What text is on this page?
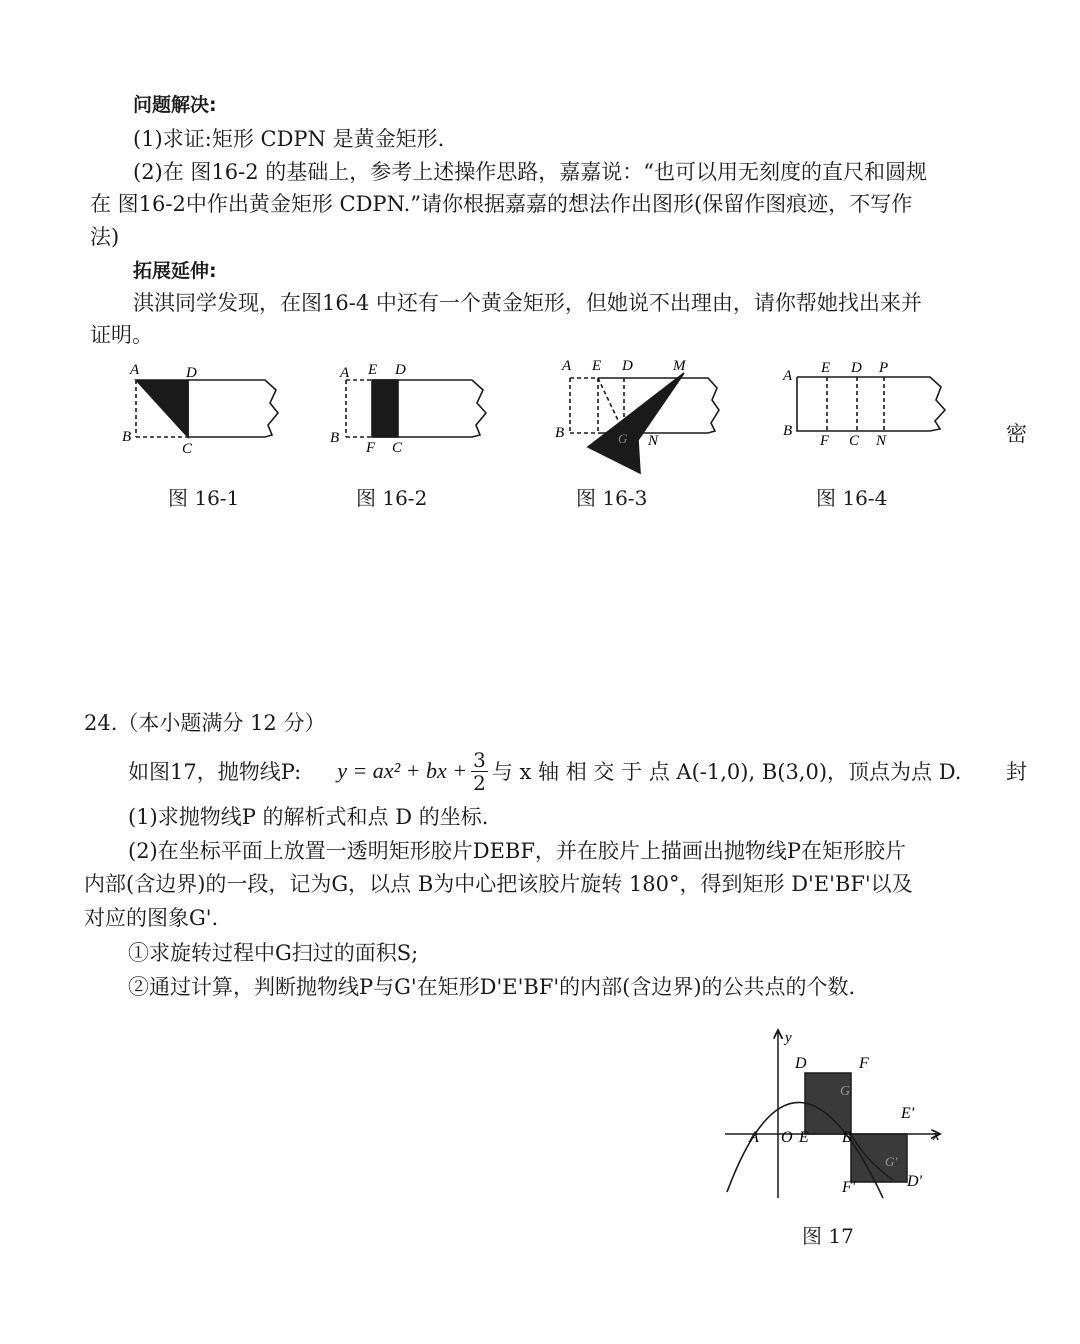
问题解决:
(1)求证:矩形 CDPN 是黄金矩形.
(2)在 图16-2 的基础上，参考上述操作思路，嘉嘉说：“也可以用无刻度的直尺和圆规
在 图16-2中作出黄金矩形 CDPN.”请你根据嘉嘉的想法作出图形(保留作图痕迹，不写作
法)
拓展延伸:
淇淇同学发现，在图16-4 中还有一个黄金矩形，但她说不出理由，请你帮她找出来并
证明。
A	D
B
C
A E D
B
F C
A E D	M
B	G N
A E D P
B
F C N
图 16-1	图 16-2	图 16-3	图 16-4
密
封
24.（本小题满分 12 分）
如图17，抛物线P: y = ax² + bx + $\frac{3}{2}$ 与 x 轴 相 交 于 点 A(-1,0), B(3,0)，顶点为点 D.
(1)求抛物线P 的解析式和点 D 的坐标.
(2)在坐标平面上放置一透明矩形胶片DEBF，并在胶片上描画出抛物线P在矩形胶片
内部(含边界)的一段，记为G，以点 B为中心把该胶片旋转 180°，得到矩形 D'E'BF'以及
对应的图象G'.
①求旋转过程中G扫过的面积S;
②通过计算，判断抛物线P与G'在矩形D'E'BF'的内部(含边界)的公共点的个数.
y
x
D	F
G
E'
A O E B
G'
F'	D'
图 17
